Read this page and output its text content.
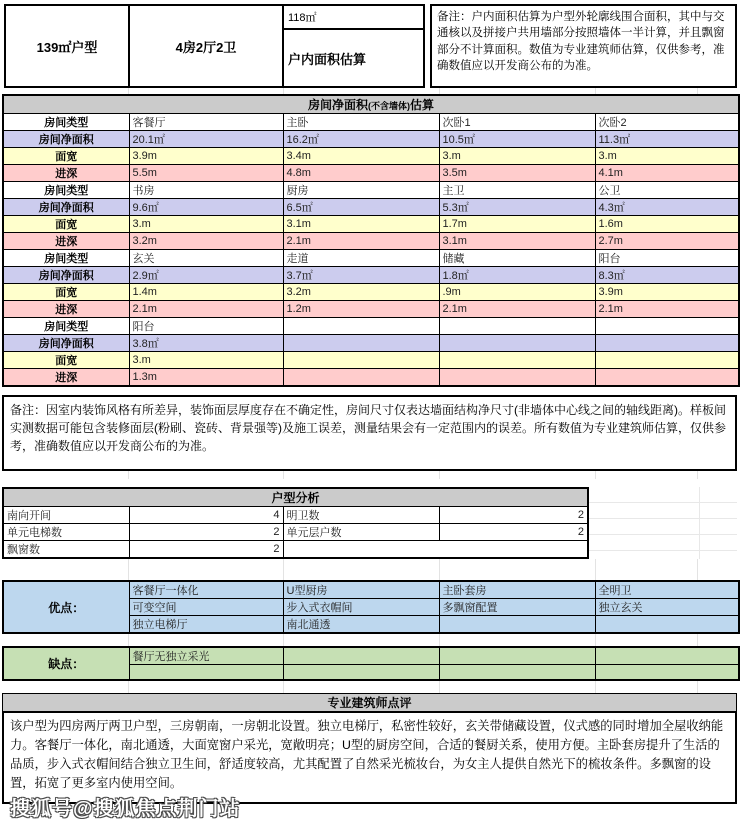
139㎡户型	4房2厅2卫
118㎡
户内面积估算
备注：户内面积估算为户型外轮廓线围合面积，其中与交通核以及拼接户共用墙部分按照墙体一半计算，并且飘窗部分不计算面积。数值为专业建筑师估算，仅供参考，准确数值应以开发商公布的为准。
房间净面积(不含墙体)估算				
房间类型	客餐厅	主卧	次卧1	次卧2
房间净面积	20.1㎡	16.2㎡	10.5㎡	11.3㎡
面宽	3.9m	3.4m	3.m	3.m
进深	5.5m	4.8m	3.5m	4.1m
房间类型	书房	厨房	主卫	公卫
房间净面积	9.6㎡	6.5㎡	5.3㎡	4.3㎡
面宽	3.m	3.1m	1.7m	1.6m
进深	3.2m	2.1m	3.1m	2.7m
房间类型	玄关	走道	储藏	阳台
房间净面积	2.9㎡	3.7㎡	1.8㎡	8.3㎡
面宽	1.4m	3.2m	.9m	3.9m
进深	2.1m	1.2m	2.1m	2.1m
房间类型	阳台			
房间净面积	3.8㎡			
面宽	3.m			
进深	1.3m			
备注：因室内装饰风格有所差异，装饰面层厚度存在不确定性，房间尺寸仅表达墙面结构净尺寸(非墙体中心线之间的轴线距离)。样板间实测数据可能包含装修面层(粉刷、瓷砖、背景强等)及施工误差，测量结果会有一定范围内的误差。所有数值为专业建筑师估算，仅供参考，准确数值应以开发商公布的为准。
户型分析			
南向开间	4	明卫数	2
单元电梯数	2	单元层户数	2
飘窗数	2		
优点：	客餐厅一体化	U型厨房	主卧套房	全明卫
	可变空间	步入式衣帽间	多飘窗配置	独立玄关
	独立电梯厅	南北通透		
缺点：	餐厅无独立采光			

专业建筑师点评
该户型为四房两厅两卫户型，三房朝南，一房朝北设置。独立电梯厅，私密性较好，玄关带储藏设置，仪式感的同时增加全屋收纳能力。客餐厅一体化，南北通透，大面宽窗户采光，宽敞明亮；U型的厨房空间，合适的餐厨关系，使用方便。主卧套房提升了生活的品质，步入式衣帽间结合独立卫生间，舒适度较高，尤其配置了自然采光梳妆台，为女主人提供自然光下的梳妆条件。多飘窗的设置，拓宽了更多室内使用空间。
搜狐号@搜狐焦点荆门站
